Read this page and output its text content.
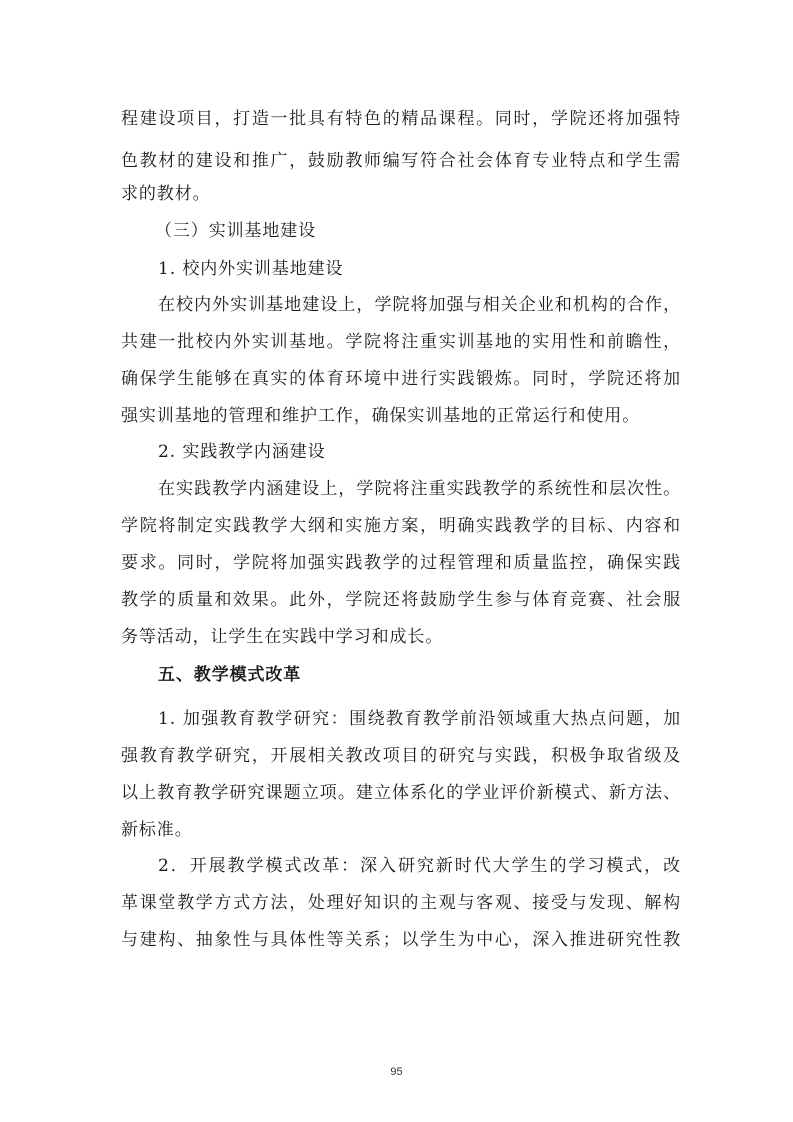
程建设项目，打造一批具有特色的精品课程。同时，学院还将加强特
色教材的建设和推广，鼓励教师编写符合社会体育专业特点和学生需
求的教材。
（三）实训基地建设
1. 校内外实训基地建设
在校内外实训基地建设上，学院将加强与相关企业和机构的合作，
共建一批校内外实训基地。学院将注重实训基地的实用性和前瞻性，
确保学生能够在真实的体育环境中进行实践锻炼。同时，学院还将加
强实训基地的管理和维护工作，确保实训基地的正常运行和使用。
2. 实践教学内涵建设
在实践教学内涵建设上，学院将注重实践教学的系统性和层次性。
学院将制定实践教学大纲和实施方案，明确实践教学的目标、内容和
要求。同时，学院将加强实践教学的过程管理和质量监控，确保实践
教学的质量和效果。此外，学院还将鼓励学生参与体育竞赛、社会服
务等活动，让学生在实践中学习和成长。
五、教学模式改革
1. 加强教育教学研究：围绕教育教学前沿领域重大热点问题，加
强教育教学研究，开展相关教改项目的研究与实践，积极争取省级及
以上教育教学研究课题立项。建立体系化的学业评价新模式、新方法、
新标准。
2．开展教学模式改革：深入研究新时代大学生的学习模式，改
革课堂教学方式方法，处理好知识的主观与客观、接受与发现、解构
与建构、抽象性与具体性等关系；以学生为中心，深入推进研究性教
95
